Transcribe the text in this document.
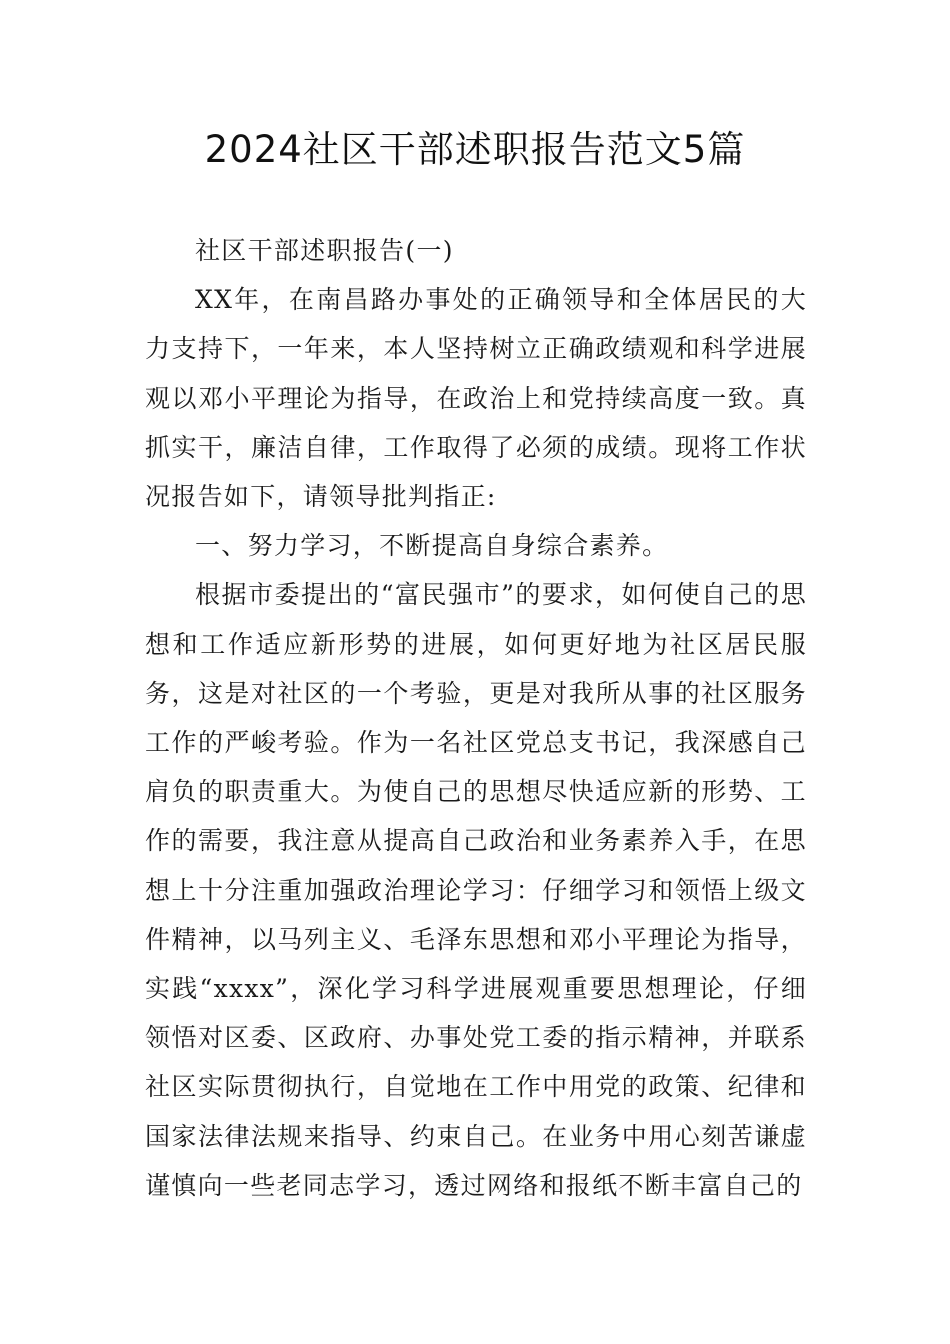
2024社区干部述职报告范文5篇

社区干部述职报告(一)

XX年，在南昌路办事处的正确领导和全体居民的大力支持下，一年来，本人坚持树立正确政绩观和科学进展观以邓小平理论为指导，在政治上和党持续高度一致。真抓实干，廉洁自律，工作取得了必须的成绩。现将工作状况报告如下，请领导批判指正:

一、努力学习，不断提高自身综合素养。

根据市委提出的“富民强市”的要求，如何使自己的思想和工作适应新形势的进展，如何更好地为社区居民服务，这是对社区的一个考验，更是对我所从事的社区服务工作的严峻考验。作为一名社区党总支书记，我深感自己肩负的职责重大。为使自己的思想尽快适应新的形势、工作的需要，我注意从提高自己政治和业务素养入手，在思想上十分注重加强政治理论学习：仔细学习和领悟上级文件精神，以马列主义、毛泽东思想和邓小平理论为指导，实践“xxxx”，深化学习科学进展观重要思想理论，仔细领悟对区委、区政府、办事处党工委的指示精神，并联系社区实际贯彻执行，自觉地在工作中用党的政策、纪律和国家法律法规来指导、约束自己。在业务中用心刻苦谦虚谨慎向一些老同志学习，透过网络和报纸不断丰富自己的
